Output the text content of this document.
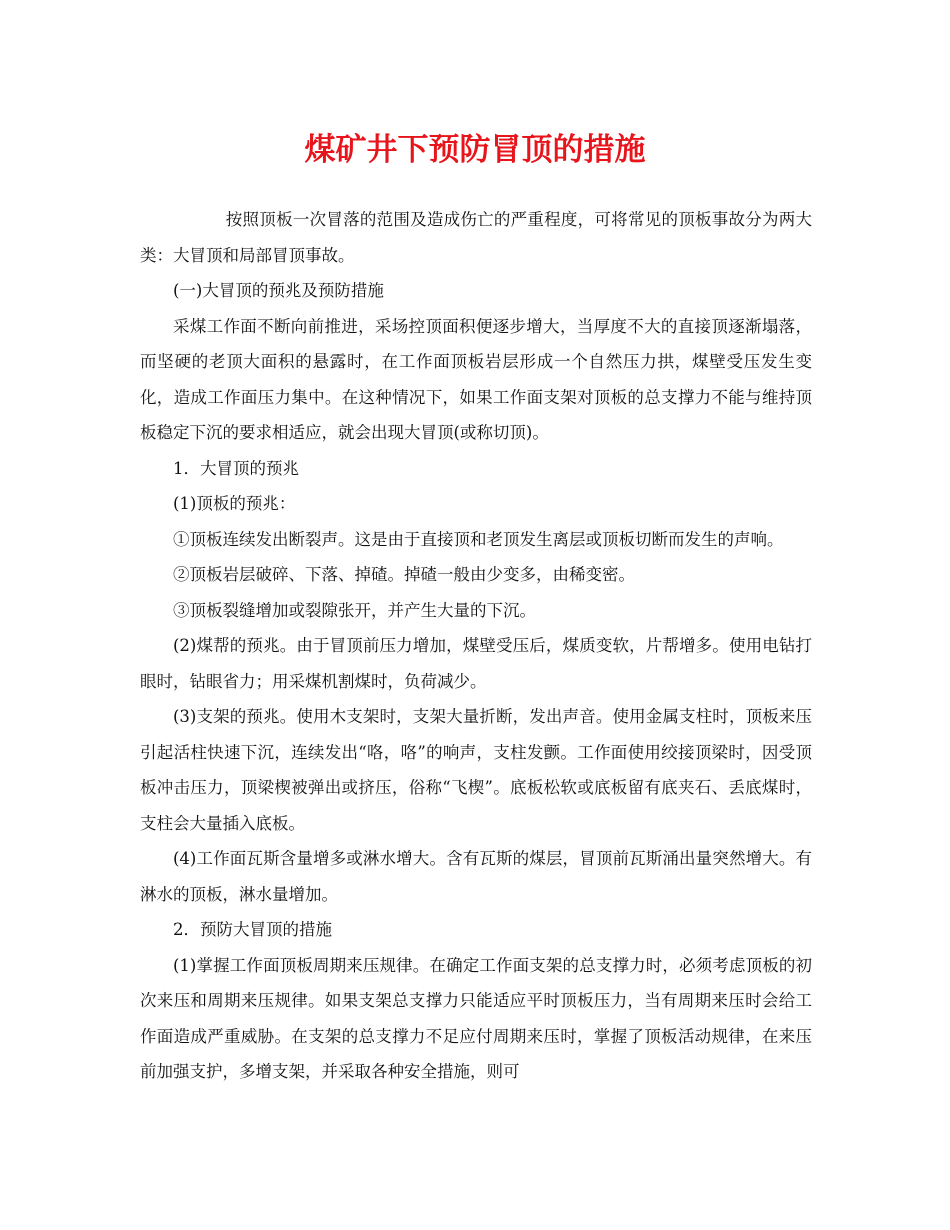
煤矿井下预防冒顶的措施

按照顶板一次冒落的范围及造成伤亡的严重程度，可将常见的顶板事故分为两大类：大冒顶和局部冒顶事故。

(一)大冒顶的预兆及预防措施

采煤工作面不断向前推进，采场控顶面积便逐步增大，当厚度不大的直接顶逐渐塌落，而坚硬的老顶大面积的悬露时，在工作面顶板岩层形成一个自然压力拱，煤壁受压发生变化，造成工作面压力集中。在这种情况下，如果工作面支架对顶板的总支撑力不能与维持顶板稳定下沉的要求相适应，就会出现大冒顶(或称切顶)。

1．大冒顶的预兆

(1)顶板的预兆：

①顶板连续发出断裂声。这是由于直接顶和老顶发生离层或顶板切断而发生的声响。

②顶板岩层破碎、下落、掉碴。掉碴一般由少变多，由稀变密。

③顶板裂缝增加或裂隙张开，并产生大量的下沉。

(2)煤帮的预兆。由于冒顶前压力增加，煤壁受压后，煤质变软，片帮增多。使用电钻打眼时，钻眼省力；用采煤机割煤时，负荷减少。

(3)支架的预兆。使用木支架时，支架大量折断，发出声音。使用金属支柱时，顶板来压引起活柱快速下沉，连续发出“咯，咯”的响声，支柱发颤。工作面使用绞接顶梁时，因受顶板冲击压力，顶梁楔被弹出或挤压，俗称“飞楔”。底板松软或底板留有底夹石、丢底煤时，支柱会大量插入底板。

(4)工作面瓦斯含量增多或淋水增大。含有瓦斯的煤层，冒顶前瓦斯涌出量突然增大。有淋水的顶板，淋水量增加。

2．预防大冒顶的措施

(1)掌握工作面顶板周期来压规律。在确定工作面支架的总支撑力时，必须考虑顶板的初次来压和周期来压规律。如果支架总支撑力只能适应平时顶板压力，当有周期来压时会给工作面造成严重威胁。在支架的总支撑力不足应付周期来压时，掌握了顶板活动规律，在来压前加强支护，多增支架，并采取各种安全措施，则可
